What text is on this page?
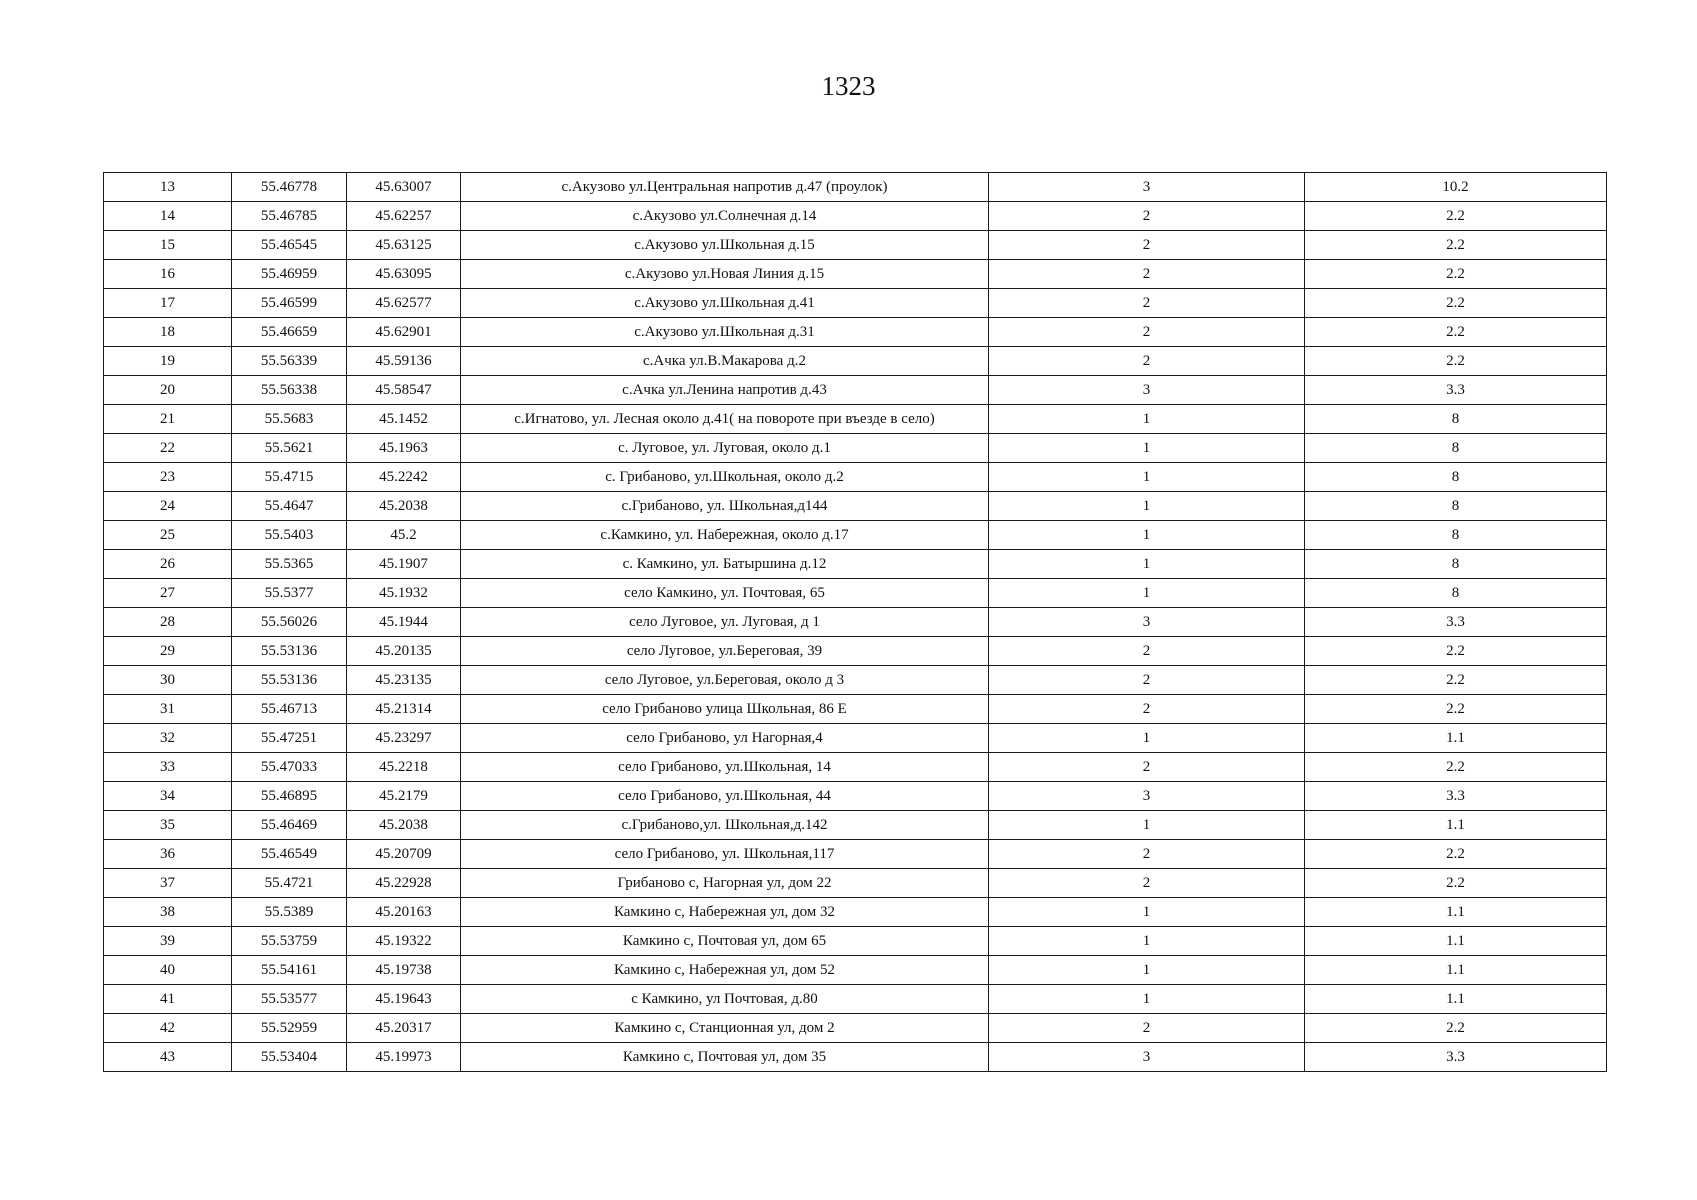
1323
13	55.46778	45.63007	с.Акузово ул.Центральная напротив д.47 (проулок)	3	10.2
14	55.46785	45.62257	с.Акузово ул.Солнечная д.14	2	2.2
15	55.46545	45.63125	с.Акузово ул.Школьная д.15	2	2.2
16	55.46959	45.63095	с.Акузово ул.Новая Линия д.15	2	2.2
17	55.46599	45.62577	с.Акузово ул.Школьная д.41	2	2.2
18	55.46659	45.62901	с.Акузово ул.Школьная д.31	2	2.2
19	55.56339	45.59136	с.Ачка ул.В.Макарова д.2	2	2.2
20	55.56338	45.58547	с.Ачка ул.Ленина напротив д.43	3	3.3
21	55.5683	45.1452	с.Игнатово, ул. Лесная около д.41( на повороте при въезде в село)	1	8
22	55.5621	45.1963	с. Луговое, ул. Луговая, около д.1	1	8
23	55.4715	45.2242	с. Грибаново, ул.Школьная, около д.2	1	8
24	55.4647	45.2038	с.Грибаново, ул. Школьная,д144	1	8
25	55.5403	45.2	с.Камкино, ул. Набережная, около д.17	1	8
26	55.5365	45.1907	с. Камкино, ул. Батыршина д.12	1	8
27	55.5377	45.1932	село Камкино, ул. Почтовая, 65	1	8
28	55.56026	45.1944	село Луговое, ул. Луговая, д 1	3	3.3
29	55.53136	45.20135	село Луговое, ул.Береговая, 39	2	2.2
30	55.53136	45.23135	село Луговое, ул.Береговая, около д 3	2	2.2
31	55.46713	45.21314	село Грибаново улица Школьная, 86 Е	2	2.2
32	55.47251	45.23297	село Грибаново, ул Нагорная,4	1	1.1
33	55.47033	45.2218	село Грибаново, ул.Школьная, 14	2	2.2
34	55.46895	45.2179	село Грибаново, ул.Школьная, 44	3	3.3
35	55.46469	45.2038	с.Грибаново,ул. Школьная,д.142	1	1.1
36	55.46549	45.20709	село Грибаново, ул. Школьная,117	2	2.2
37	55.4721	45.22928	Грибаново с, Нагорная ул, дом 22	2	2.2
38	55.5389	45.20163	Камкино с, Набережная ул, дом 32	1	1.1
39	55.53759	45.19322	Камкино с, Почтовая ул, дом 65	1	1.1
40	55.54161	45.19738	Камкино с, Набережная ул, дом 52	1	1.1
41	55.53577	45.19643	с Камкино, ул Почтовая, д.80	1	1.1
42	55.52959	45.20317	Камкино с, Станционная ул, дом 2	2	2.2
43	55.53404	45.19973	Камкино с, Почтовая ул, дом 35	3	3.3
